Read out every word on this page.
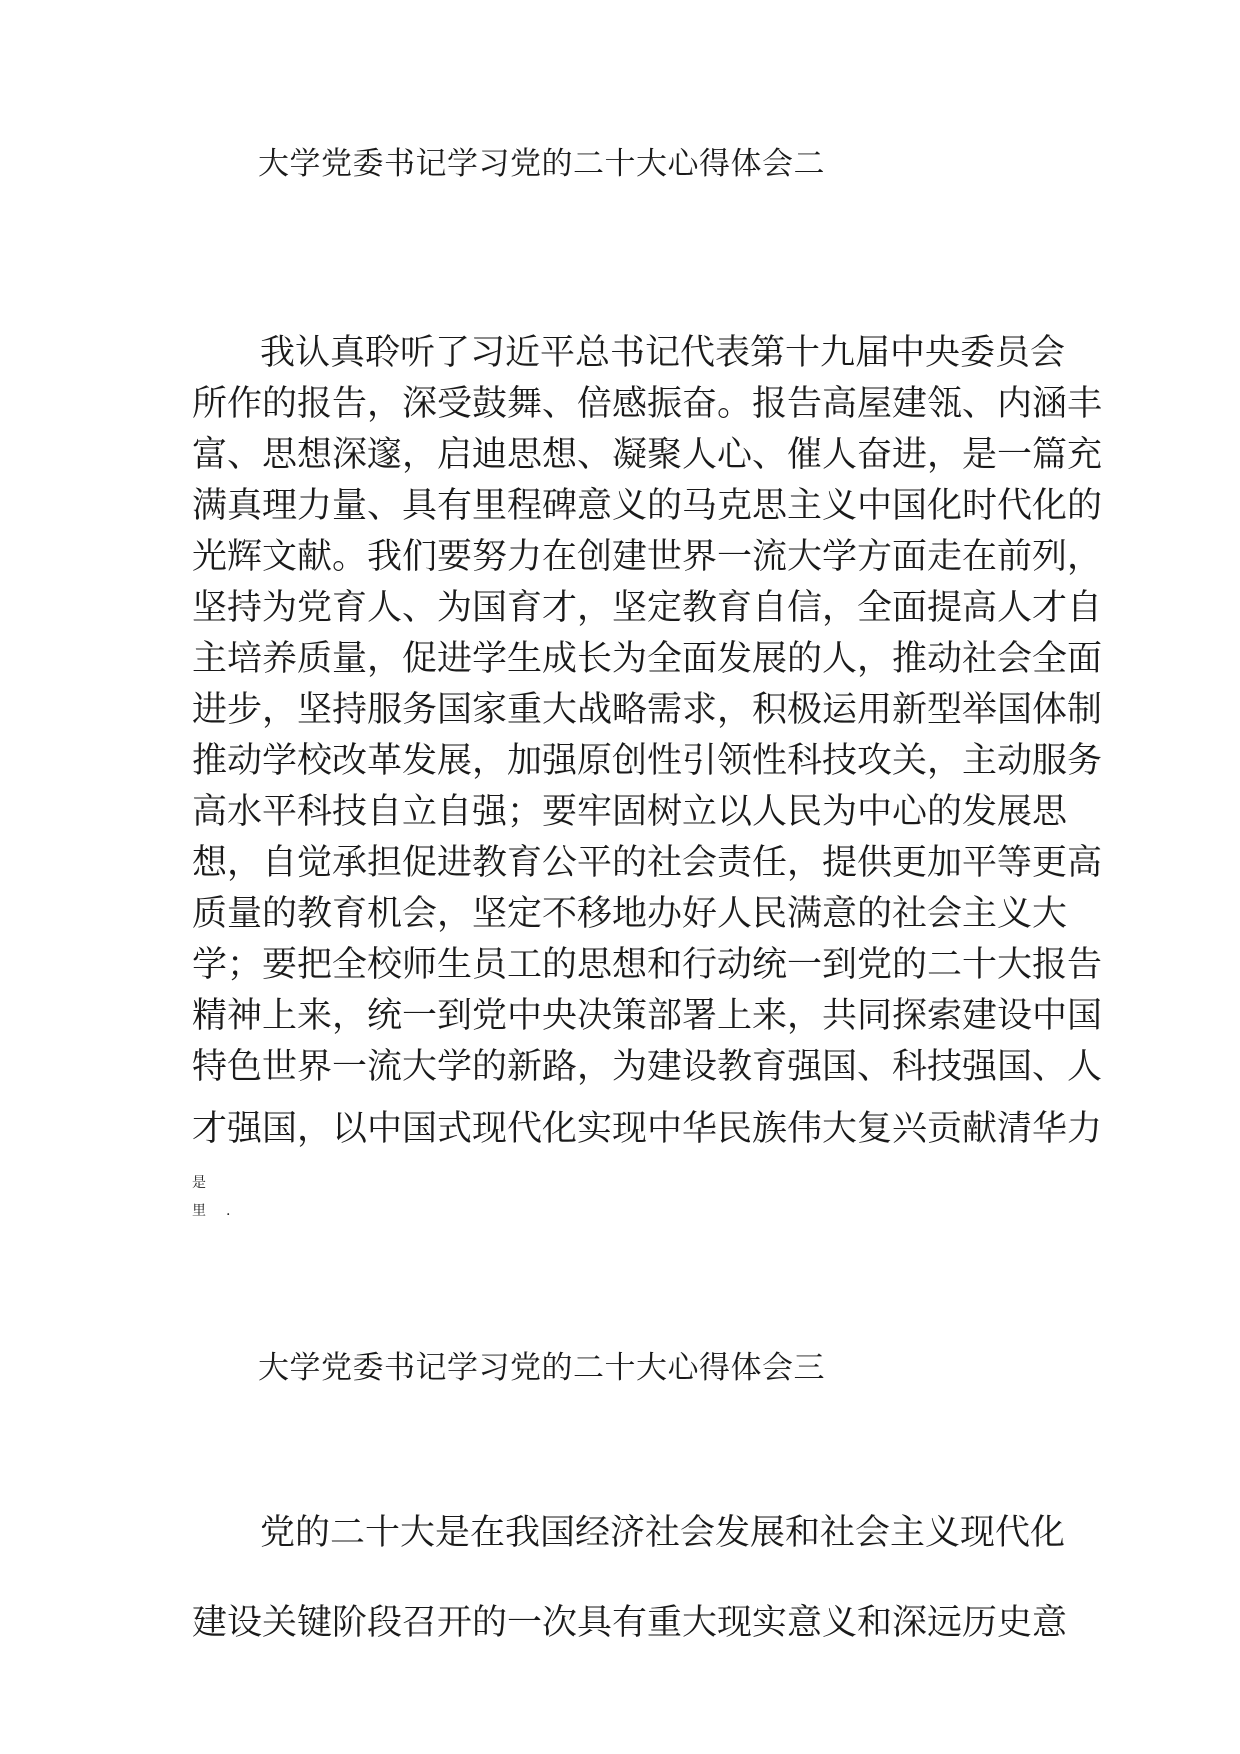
大学党委书记学习党的二十大心得体会二
我认真聆听了习近平总书记代表第十九届中央委员会
所作的报告，深受鼓舞、倍感振奋。报告高屋建瓴、内涵丰
富、思想深邃，启迪思想、凝聚人心、催人奋进，是一篇充
满真理力量、具有里程碑意义的马克思主义中国化时代化的
光辉文献。我们要努力在创建世界一流大学方面走在前列，
坚持为党育人、为国育才，坚定教育自信，全面提高人才自
主培养质量，促进学生成长为全面发展的人，推动社会全面
进步，坚持服务国家重大战略需求，积极运用新型举国体制
推动学校改革发展，加强原创性引领性科技攻关，主动服务
高水平科技自立自强；要牢固树立以人民为中心的发展思
想，自觉承担促进教育公平的社会责任，提供更加平等更高
质量的教育机会，坚定不移地办好人民满意的社会主义大
学；要把全校师生员工的思想和行动统一到党的二十大报告
精神上来，统一到党中央决策部署上来，共同探索建设中国
特色世界一流大学的新路，为建设教育强国、科技强国、人
才强国，以中国式现代化实现中华民族伟大复兴贡献清华力
是
里 .
大学党委书记学习党的二十大心得体会三
党的二十大是在我国经济社会发展和社会主义现代化
建设关键阶段召开的一次具有重大现实意义和深远历史意
